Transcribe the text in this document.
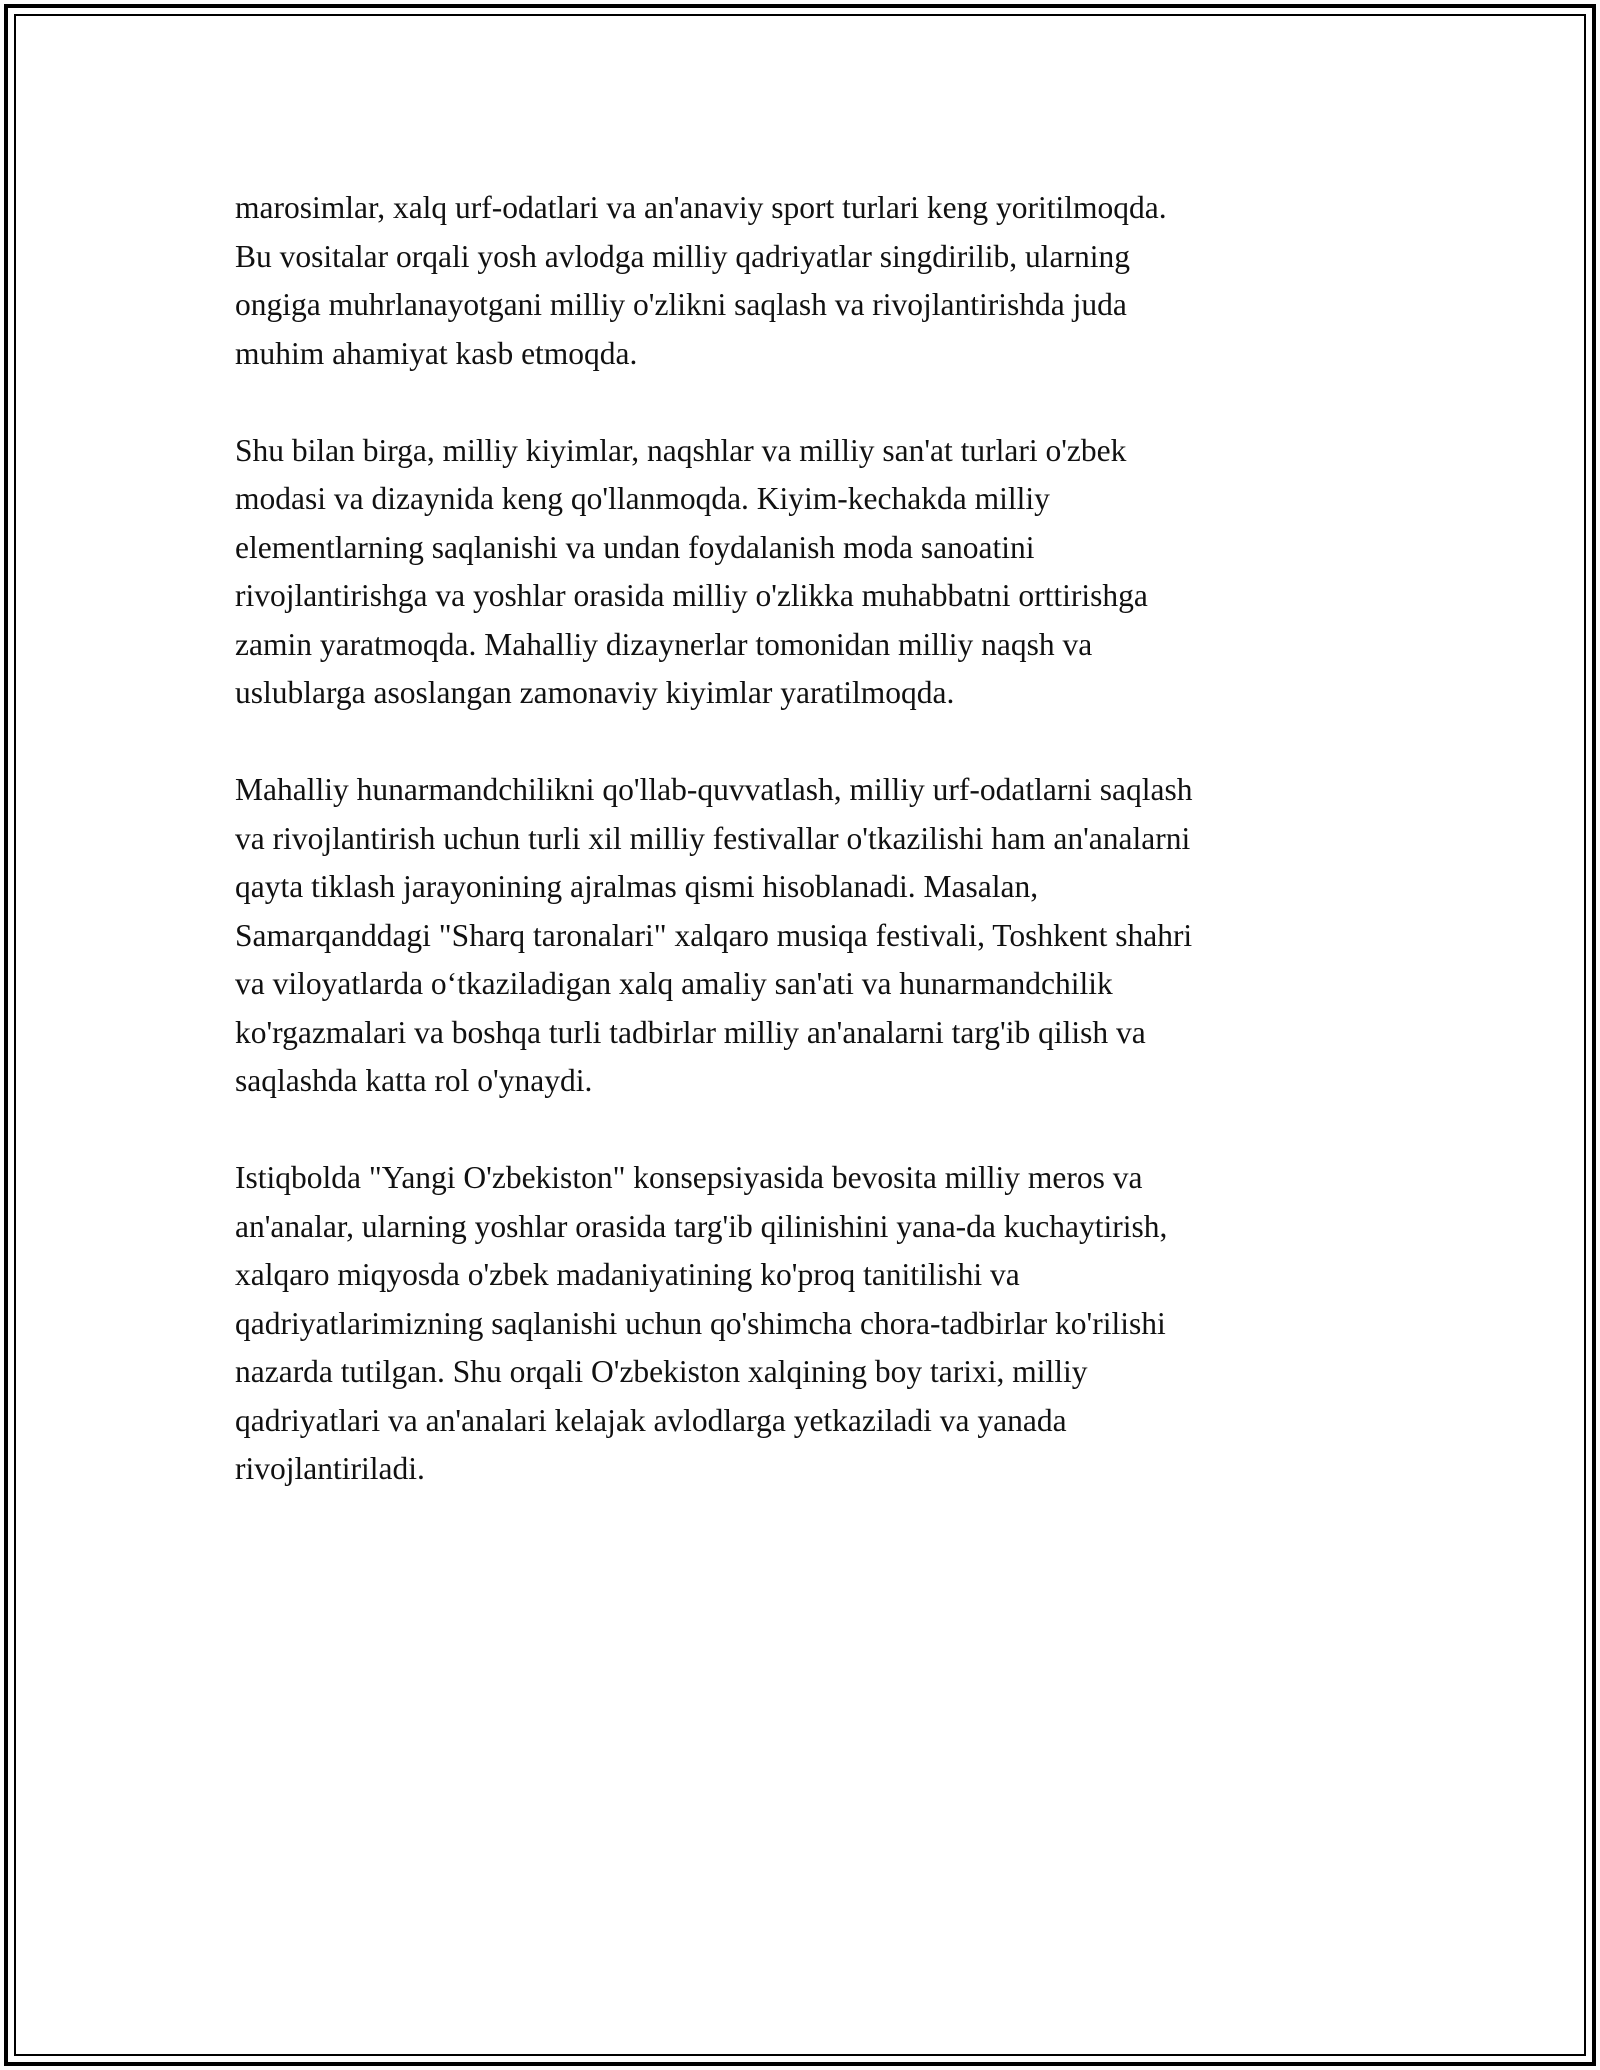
marosimlar, xalq urf-odatlari va an'anaviy sport turlari keng yoritilmoqda.
Bu vositalar orqali yosh avlodga milliy qadriyatlar singdirilib, ularning
ongiga muhrlanayotgani milliy o'zlikni saqlash va rivojlantirishda juda
muhim ahamiyat kasb etmoqda.

Shu bilan birga, milliy kiyimlar, naqshlar va milliy san'at turlari o'zbek
modasi va dizaynida keng qo'llanmoqda. Kiyim-kechakda milliy
elementlarning saqlanishi va undan foydalanish moda sanoatini
rivojlantirishga va yoshlar orasida milliy o'zlikka muhabbatni orttirishga
zamin yaratmoqda. Mahalliy dizaynerlar tomonidan milliy naqsh va
uslublarga asoslangan zamonaviy kiyimlar yaratilmoqda.

Mahalliy hunarmandchilikni qo'llab-quvvatlash, milliy urf-odatlarni saqlash
va rivojlantirish uchun turli xil milliy festivallar o'tkazilishi ham an'analarni
qayta tiklash jarayonining ajralmas qismi hisoblanadi. Masalan,
Samarqanddagi "Sharq taronalari" xalqaro musiqa festivali, Toshkent shahri
va viloyatlarda o‘tkaziladigan xalq amaliy san'ati va hunarmandchilik
ko'rgazmalari va boshqa turli tadbirlar milliy an'analarni targ'ib qilish va
saqlashda katta rol o'ynaydi.

Istiqbolda "Yangi O'zbekiston" konsepsiyasida bevosita milliy meros va
an'analar, ularning yoshlar orasida targ'ib qilinishini yana-da kuchaytirish,
xalqaro miqyosda o'zbek madaniyatining ko'proq tanitilishi va
qadriyatlarimizning saqlanishi uchun qo'shimcha chora-tadbirlar ko'rilishi
nazarda tutilgan. Shu orqali O'zbekiston xalqining boy tarixi, milliy
qadriyatlari va an'analari kelajak avlodlarga yetkaziladi va yanada
rivojlantiriladi.
